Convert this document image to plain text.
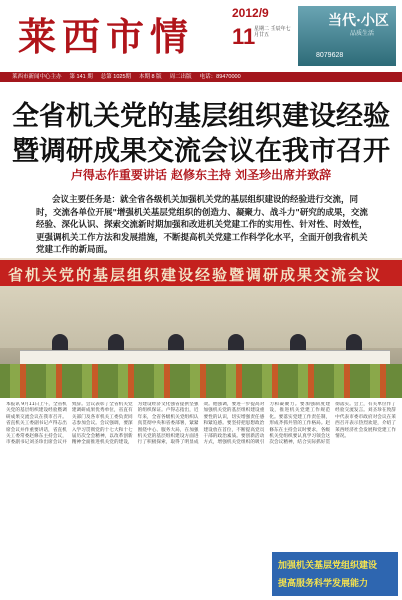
莱西市情
2012/9
11
星期二 壬辰年七月廿五
当代·小区
品质生活
8079628
莱西市新闻中心主办 第 141 期 总第 1025期 本期 8 版 周二出版 电话：89470000
全省机关党的基层组织建设经验
暨调研成果交流会议在我市召开
卢得志作重要讲话 赵修东主持 刘圣珍出席并致辞
会议主要任务是：就全省各级机关加强机关党的基层组织建设的经验进行交流，同时，交流各单位开展"增强机关基层党组织的创造力、凝聚力、战斗力"研究的成果，交流经验、深化认识、探索交流新时期加强和改进机关党建工作的实用性、针对性、时效性，更强调机关工作方法和发展措施，不断提高机关党建工作科学化水平，全面开创我省机关党建工作的新局面。
省机关党的基层组织建设经验暨调研成果交流会议
本报讯 9月11日上午，全省机关党的基层组织建设经验暨调研成果交流会议在我市召开。省直机关工委副书记卢得志出席会议并作重要讲话，省直机关工委常委赵修东主持会议，市委副书记刘圣珍出席会议并致辞。会议表彰了全省机关党建调研成果优秀单位，省直有关部门及各市机关工委负责同志参加会议。会议强调，要深入学习贯彻党的十七大和十七届历次全会精神，以改革创新精神全面推进机关党的建设，为建设经济文化强省提供坚强的组织保证。卢得志指出，近年来，全省各级机关党组织认真贯彻中央和省委部署，紧紧围绕中心、服务大局，在加强机关党的基层组织建设方面进行了积极探索，取得了明显成效。他强调，要进一步提高对加强机关党的基层组织建设重要性的认识，切实增强责任感和紧迫感。要坚持把思想政治建设放在首位，不断提高党员干部的政治素质。要创新活动方式，增强机关党组织的吸引力和凝聚力。要加强制度建设，推进机关党建工作规范化。要落实党建工作责任制，形成齐抓共管的工作格局。赵修东在主持会议时要求，各级机关党组织要认真学习领会这次会议精神，结合实际抓好贯彻落实。会上，有关单位作了经验交流发言。刘圣珍在致辞中代表市委市政府对会议在莱西召开表示热烈欢迎，介绍了莱西经济社会发展和党建工作情况。
加强机关基层党组织建设
提高服务科学发展能力
